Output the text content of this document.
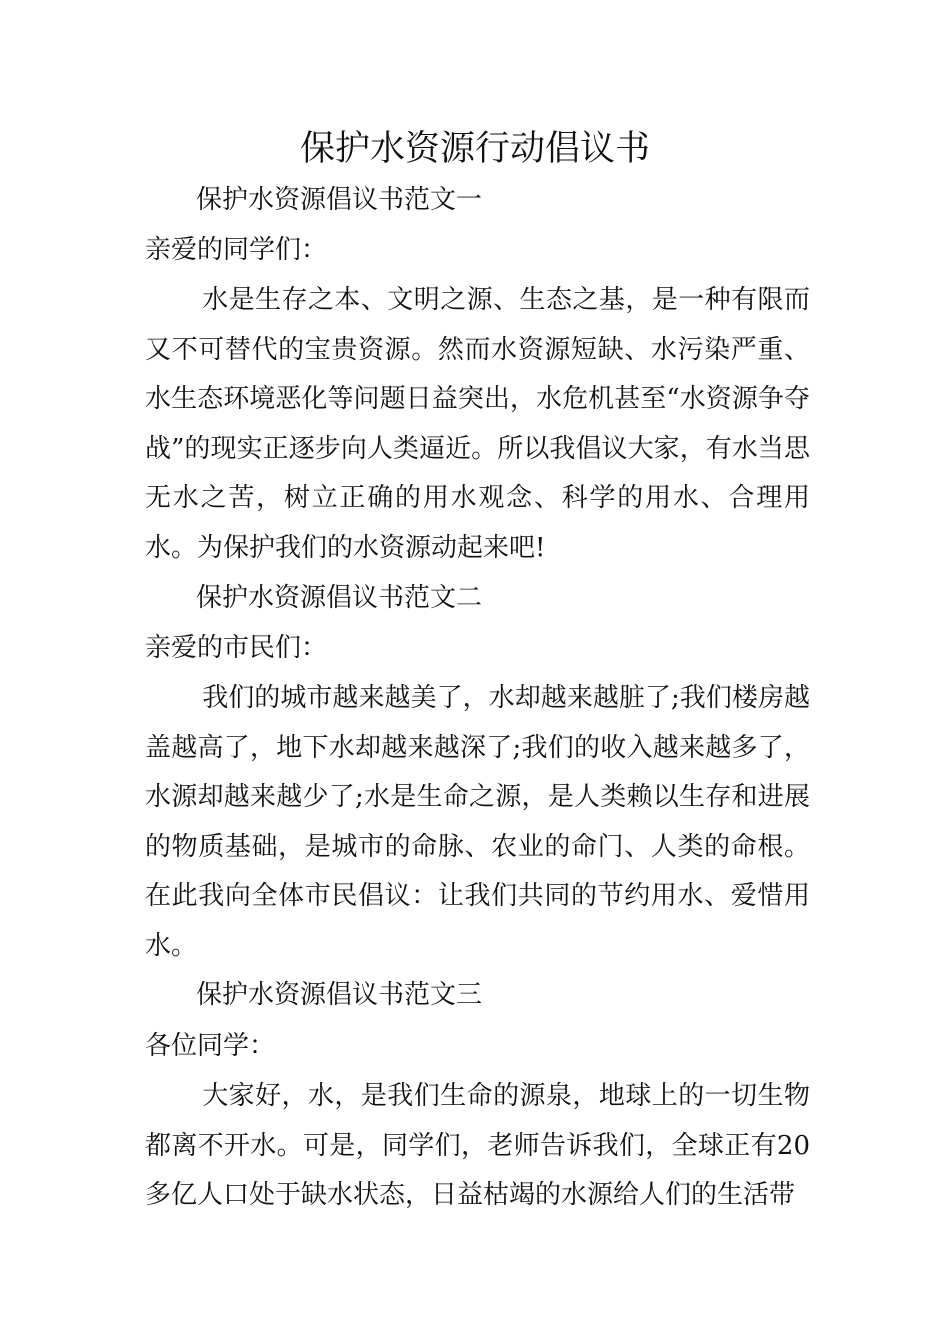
保护水资源行动倡议书
保护水资源倡议书范文一
亲爱的同学们：
水是生存之本、文明之源、生态之基，是一种有限而又不可替代的宝贵资源。然而水资源短缺、水污染严重、水生态环境恶化等问题日益突出，水危机甚至“水资源争夺战”的现实正逐步向人类逼近。所以我倡议大家，有水当思无水之苦，树立正确的用水观念、科学的用水、合理用水。为保护我们的水资源动起来吧!
保护水资源倡议书范文二
亲爱的市民们：
我们的城市越来越美了，水却越来越脏了;我们楼房越盖越高了，地下水却越来越深了;我们的收入越来越多了，水源却越来越少了;水是生命之源，是人类赖以生存和进展的物质基础，是城市的命脉、农业的命门、人类的命根。在此我向全体市民倡议：让我们共同的节约用水、爱惜用水。
保护水资源倡议书范文三
各位同学：
大家好，水，是我们生命的源泉，地球上的一切生物都离不开水。可是，同学们，老师告诉我们，全球正有20多亿人口处于缺水状态，日益枯竭的水源给人们的生活带
